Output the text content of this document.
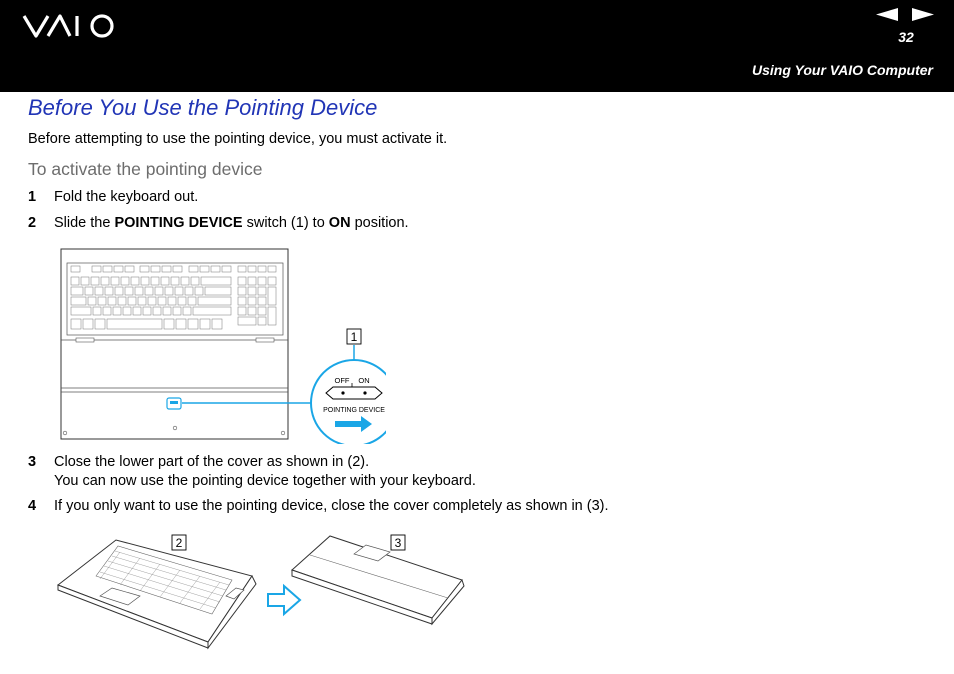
32
Using Your VAIO Computer
Before You Use the Pointing Device
Before attempting to use the pointing device, you must activate it.
To activate the pointing device
1 Fold the keyboard out.
2 Slide the POINTING DEVICE switch (1) to ON position.
1
OFF ON
POINTING DEVICE
3 Close the lower part of the cover as shown in (2).
You can now use the pointing device together with your keyboard.
4 If you only want to use the pointing device, close the cover completely as shown in (3).
2	3
